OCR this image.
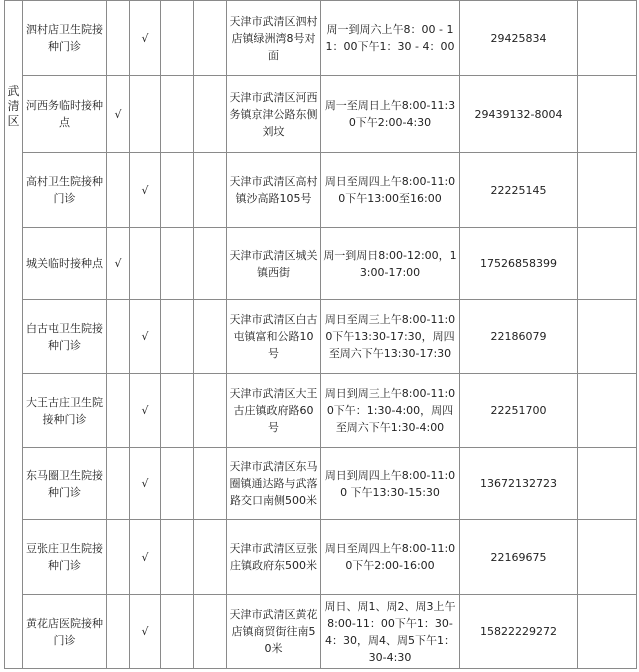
武清区	泗村店卫生院接种门诊		√			天津市武清区泗村店镇绿洲湾8号对面	周一到周六上午8：00 - 11：00下午1：30 - 4：00	29425834	
	河西务临时接种点	√				天津市武清区河西务镇京津公路东侧刘坟	周一至周日上午8:00-11:30下午2:00-4:30	29439132-8004	
	高村卫生院接种门诊		√			天津市武清区高村镇沙高路105号	周日至周四上午8:00-11:00下午13:00至16:00	22225145	
	城关临时接种点	√				天津市武清区城关镇西街	周一到周日8:00-12:00，13:00-17:00	17526858399	
	白古屯卫生院接种门诊		√			天津市武清区白古屯镇富和公路10号	周日至周三上午8:00-11:00下午13:30-17:30，周四至周六下午13:30-17:30	22186079	
	大王古庄卫生院接种门诊		√			天津市武清区大王古庄镇政府路60号	周日到周三上午8:00-11:00下午：1:30-4:00，周四至周六下午1:30-4:00	22251700	
	东马圈卫生院接种门诊		√			天津市武清区东马圈镇通达路与武落路交口南侧500米	周日到周四上午8:00-11:00 下午13:30-15:30	13672132723	
	豆张庄卫生院接种门诊		√			天津市武清区豆张庄镇政府东500米	周日至周四上午8:00-11:00下午2:00-16:00	22169675	
	黄花店医院接种门诊		√			天津市武清区黄花店镇商贸街往南50米	周日、周1、周2、周3上午8:00-11：00下午1：30-4：30，周4、周5下午1：30-4:30	15822229272	
